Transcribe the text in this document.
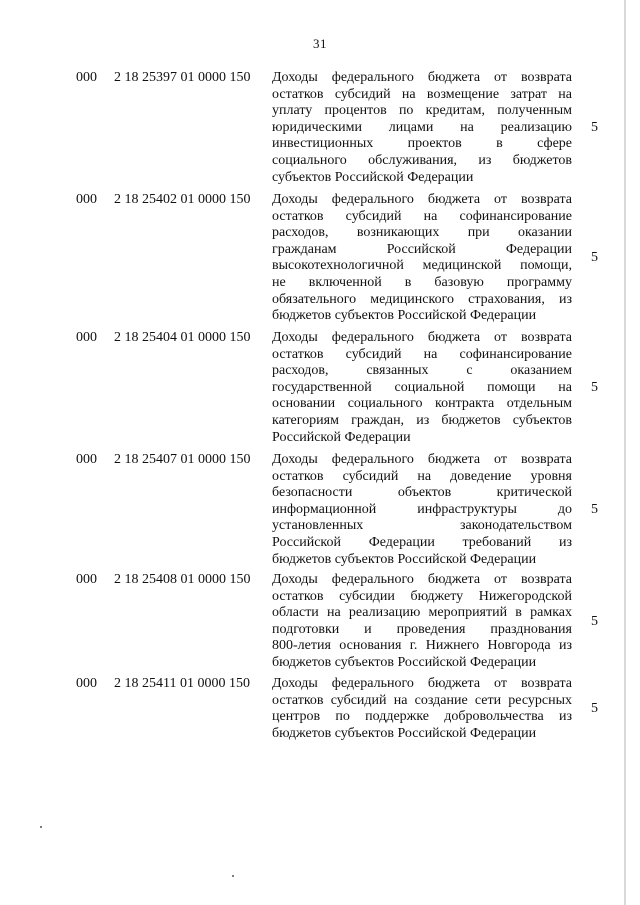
31
000 2 18 25397 01 0000 150 Доходы федерального бюджета от возврата
остатков субсидий на возмещение затрат на
уплату процентов по кредитам, полученным
юридическими лицами на реализацию
инвестиционных проектов в сфере
социального обслуживания, из бюджетов
субъектов Российской Федерации
5
000 2 18 25402 01 0000 150 Доходы федерального бюджета от возврата
остатков субсидий на софинансирование
расходов, возникающих при оказании
гражданам Российской Федерации
высокотехнологичной медицинской помощи,
не включенной в базовую программу
обязательного медицинского страхования, из
бюджетов субъектов Российской Федерации
5
000 2 18 25404 01 0000 150 Доходы федерального бюджета от возврата
остатков субсидий на софинансирование
расходов, связанных с оказанием
государственной социальной помощи на
основании социального контракта отдельным
категориям граждан, из бюджетов субъектов
Российской Федерации
5
000 2 18 25407 01 0000 150 Доходы федерального бюджета от возврата
остатков субсидий на доведение уровня
безопасности объектов критической
информационной инфраструктуры до
установленных законодательством
Российской Федерации требований из
бюджетов субъектов Российской Федерации
5
000 2 18 25408 01 0000 150 Доходы федерального бюджета от возврата
остатков субсидии бюджету Нижегородской
области на реализацию мероприятий в рамках
подготовки и проведения празднования
800-летия основания г. Нижнего Новгорода из
бюджетов субъектов Российской Федерации
5
000 2 18 25411 01 0000 150 Доходы федерального бюджета от возврата
остатков субсидий на создание сети ресурсных
центров по поддержке добровольчества из
бюджетов субъектов Российской Федерации
5
